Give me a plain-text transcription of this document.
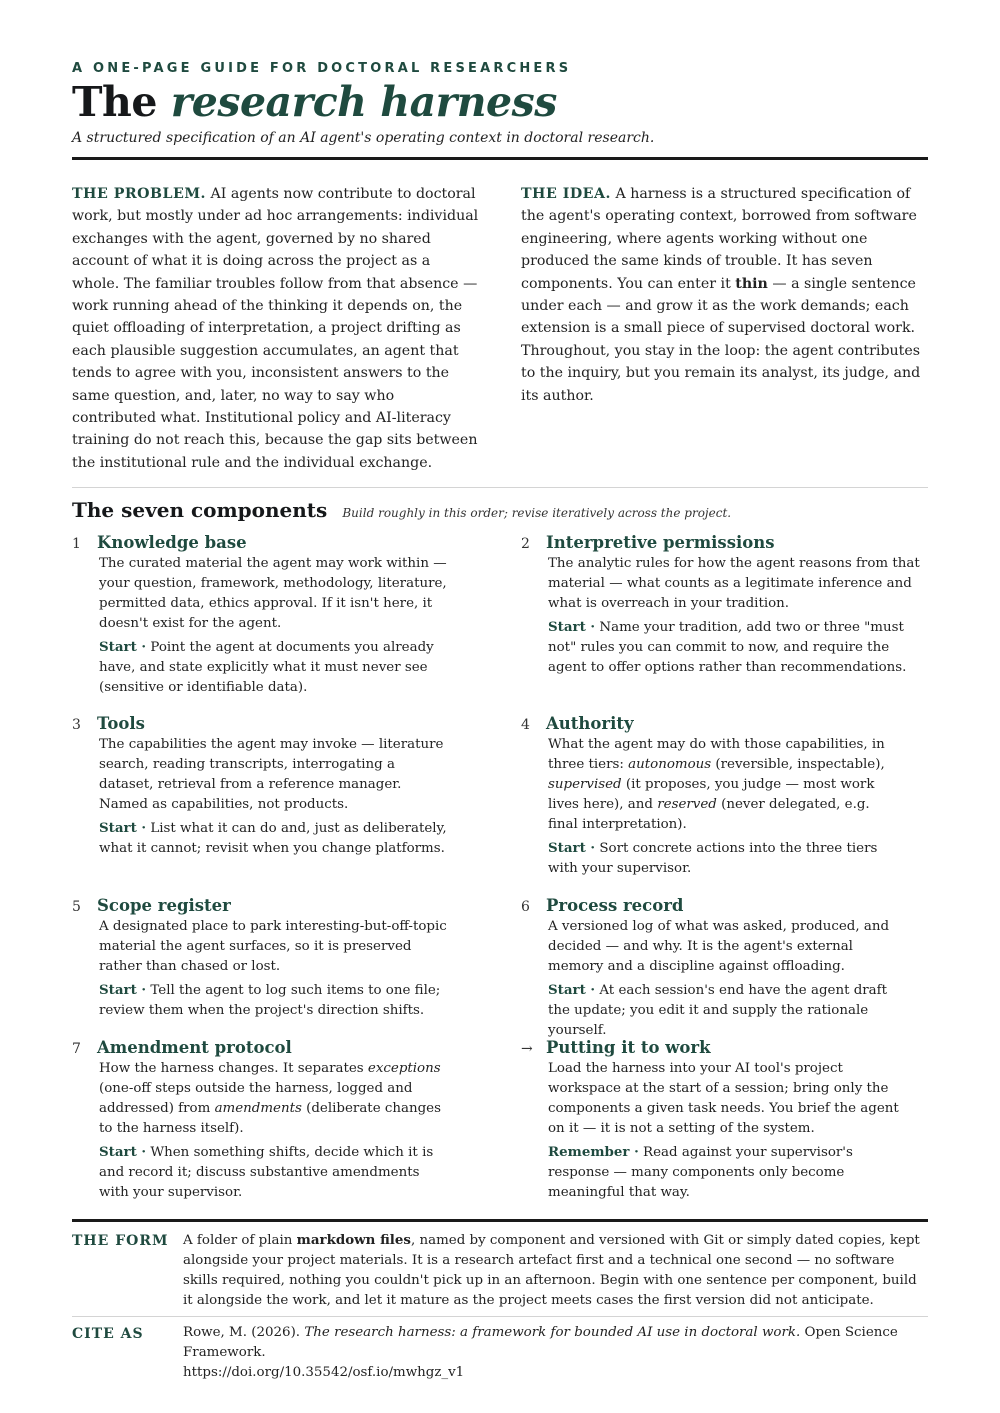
A ONE-PAGE GUIDE FOR DOCTORAL RESEARCHERS
The research harness
A structured specification of an AI agent's operating context in doctoral research.
THE PROBLEM. AI agents now contribute to doctoral work, but mostly under ad hoc arrangements: individual exchanges with the agent, governed by no shared account of what it is doing across the project as a whole. The familiar troubles follow from that absence — work running ahead of the thinking it depends on, the quiet offloading of interpretation, a project drifting as each plausible suggestion accumulates, an agent that tends to agree with you, inconsistent answers to the same question, and, later, no way to say who contributed what. Institutional policy and AI-literacy training do not reach this, because the gap sits between the institutional rule and the individual exchange.
THE IDEA. A harness is a structured specification of the agent's operating context, borrowed from software engineering, where agents working without one produced the same kinds of trouble. It has seven components. You can enter it thin — a single sentence under each — and grow it as the work demands; each extension is a small piece of supervised doctoral work. Throughout, you stay in the loop: the agent contributes to the inquiry, but you remain its analyst, its judge, and its author.
The seven components Build roughly in this order; revise iteratively across the project.
1 Knowledge base
The curated material the agent may work within — your question, framework, methodology, literature, permitted data, ethics approval. If it isn't here, it doesn't exist for the agent.
Start · Point the agent at documents you already have, and state explicitly what it must never see (sensitive or identifiable data).
2 Interpretive permissions
The analytic rules for how the agent reasons from that material — what counts as a legitimate inference and what is overreach in your tradition.
Start · Name your tradition, add two or three "must not" rules you can commit to now, and require the agent to offer options rather than recommendations.
3 Tools
The capabilities the agent may invoke — literature search, reading transcripts, interrogating a dataset, retrieval from a reference manager. Named as capabilities, not products.
Start · List what it can do and, just as deliberately, what it cannot; revisit when you change platforms.
4 Authority
What the agent may do with those capabilities, in three tiers: autonomous (reversible, inspectable), supervised (it proposes, you judge — most work lives here), and reserved (never delegated, e.g. final interpretation).
Start · Sort concrete actions into the three tiers with your supervisor.
5 Scope register
A designated place to park interesting-but-off-topic material the agent surfaces, so it is preserved rather than chased or lost.
Start · Tell the agent to log such items to one file; review them when the project's direction shifts.
6 Process record
A versioned log of what was asked, produced, and decided — and why. It is the agent's external memory and a discipline against offloading.
Start · At each session's end have the agent draft the update; you edit it and supply the rationale yourself.
7 Amendment protocol
How the harness changes. It separates exceptions (one-off steps outside the harness, logged and addressed) from amendments (deliberate changes to the harness itself).
Start · When something shifts, decide which it is and record it; discuss substantive amendments with your supervisor.
→ Putting it to work
Load the harness into your AI tool's project workspace at the start of a session; bring only the components a given task needs. You brief the agent on it — it is not a setting of the system.
Remember · Read against your supervisor's response — many components only become meaningful that way.
THE FORM A folder of plain markdown files, named by component and versioned with Git or simply dated copies, kept alongside your project materials. It is a research artefact first and a technical one second — no software skills required, nothing you couldn't pick up in an afternoon. Begin with one sentence per component, build it alongside the work, and let it mature as the project meets cases the first version did not anticipate.
CITE AS	Rowe, M. (2026). The research harness: a framework for bounded AI use in doctoral work. Open Science Framework.
https://doi.org/10.35542/osf.io/mwhgz_v1
